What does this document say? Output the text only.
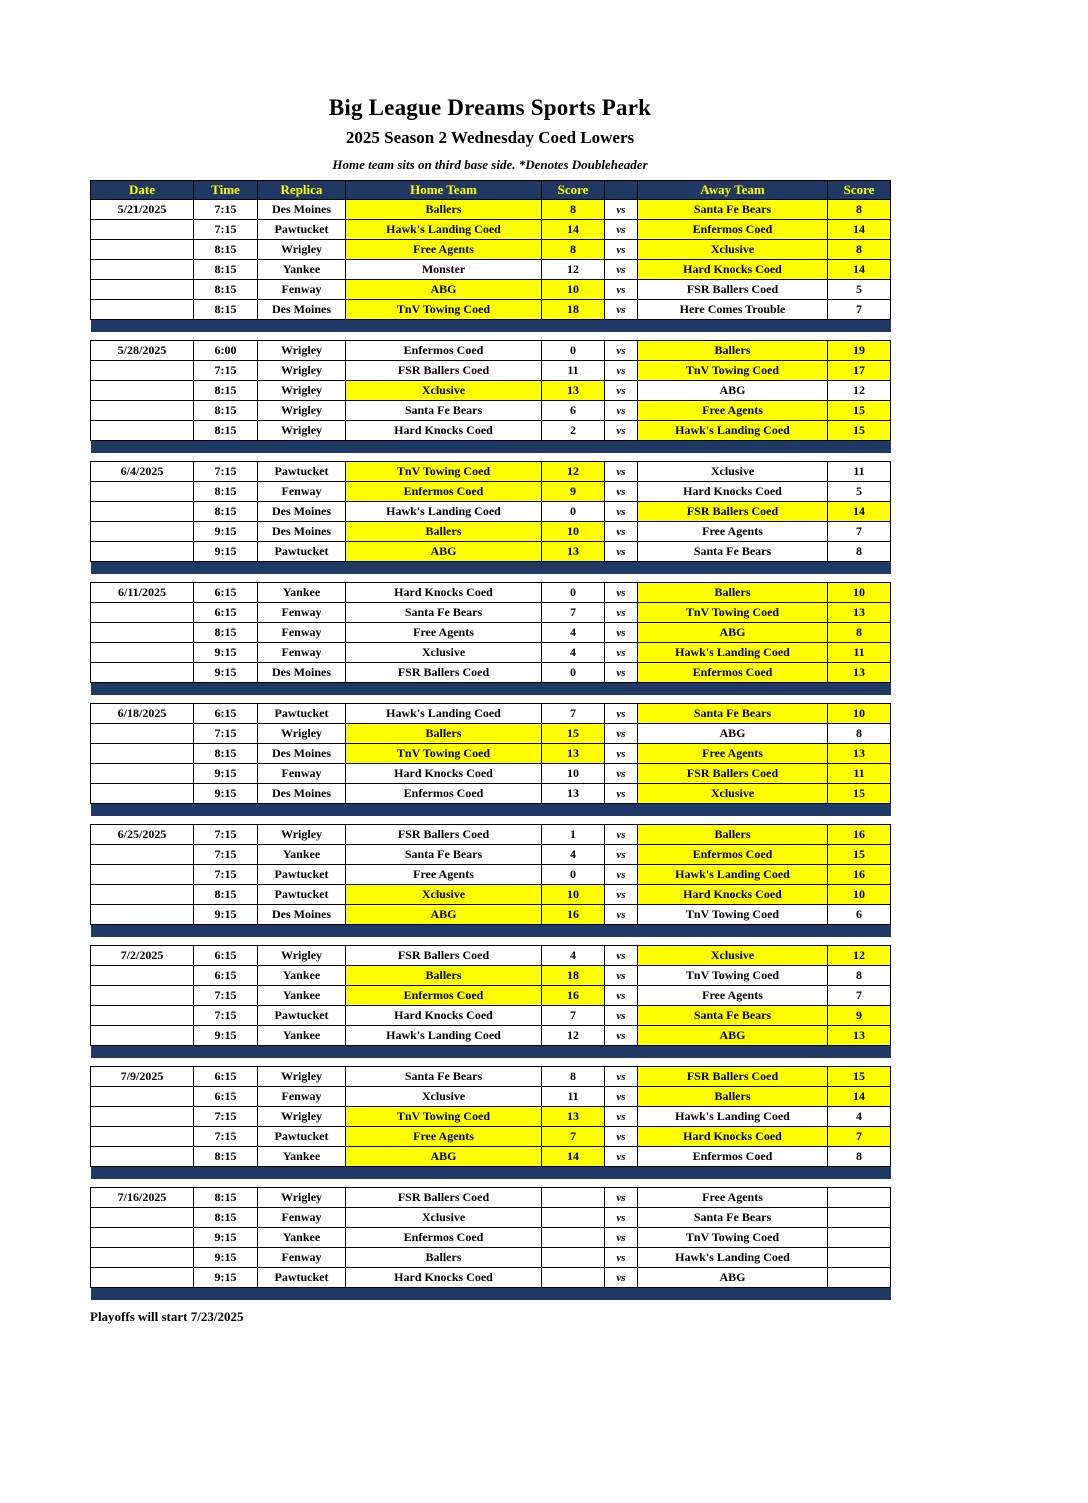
Big League Dreams Sports Park
2025 Season 2 Wednesday Coed Lowers
Home team sits on third base side. *Denotes Doubleheader
Date	Time	Replica	Home Team	Score		Away Team	Score
5/21/2025	7:15	Des Moines	Ballers	8	vs	Santa Fe Bears	8
	7:15	Pawtucket	Hawk's Landing Coed	14	vs	Enfermos Coed	14
	8:15	Wrigley	Free Agents	8	vs	Xclusive	8
	8:15	Yankee	Monster	12	vs	Hard Knocks Coed	14
	8:15	Fenway	ABG	10	vs	FSR Ballers Coed	5
	8:15	Des Moines	TnV Towing Coed	18	vs	Here Comes Trouble	7

5/28/2025	6:00	Wrigley	Enfermos Coed	0	vs	Ballers	19
	7:15	Wrigley	FSR Ballers Coed	11	vs	TnV Towing Coed	17
	8:15	Wrigley	Xclusive	13	vs	ABG	12
	8:15	Wrigley	Santa Fe Bears	6	vs	Free Agents	15
	8:15	Wrigley	Hard Knocks Coed	2	vs	Hawk's Landing Coed	15

6/4/2025	7:15	Pawtucket	TnV Towing Coed	12	vs	Xclusive	11
	8:15	Fenway	Enfermos Coed	9	vs	Hard Knocks Coed	5
	8:15	Des Moines	Hawk's Landing Coed	0	vs	FSR Ballers Coed	14
	9:15	Des Moines	Ballers	10	vs	Free Agents	7
	9:15	Pawtucket	ABG	13	vs	Santa Fe Bears	8

6/11/2025	6:15	Yankee	Hard Knocks Coed	0	vs	Ballers	10
	6:15	Fenway	Santa Fe Bears	7	vs	TnV Towing Coed	13
	8:15	Fenway	Free Agents	4	vs	ABG	8
	9:15	Fenway	Xclusive	4	vs	Hawk's Landing Coed	11
	9:15	Des Moines	FSR Ballers Coed	0	vs	Enfermos Coed	13

6/18/2025	6:15	Pawtucket	Hawk's Landing Coed	7	vs	Santa Fe Bears	10
	7:15	Wrigley	Ballers	15	vs	ABG	8
	8:15	Des Moines	TnV Towing Coed	13	vs	Free Agents	13
	9:15	Fenway	Hard Knocks Coed	10	vs	FSR Ballers Coed	11
	9:15	Des Moines	Enfermos Coed	13	vs	Xclusive	15

6/25/2025	7:15	Wrigley	FSR Ballers Coed	1	vs	Ballers	16
	7:15	Yankee	Santa Fe Bears	4	vs	Enfermos Coed	15
	7:15	Pawtucket	Free Agents	0	vs	Hawk's Landing Coed	16
	8:15	Pawtucket	Xclusive	10	vs	Hard Knocks Coed	10
	9:15	Des Moines	ABG	16	vs	TnV Towing Coed	6

7/2/2025	6:15	Wrigley	FSR Ballers Coed	4	vs	Xclusive	12
	6:15	Yankee	Ballers	18	vs	TnV Towing Coed	8
	7:15	Yankee	Enfermos Coed	16	vs	Free Agents	7
	7:15	Pawtucket	Hard Knocks Coed	7	vs	Santa Fe Bears	9
	9:15	Yankee	Hawk's Landing Coed	12	vs	ABG	13

7/9/2025	6:15	Wrigley	Santa Fe Bears	8	vs	FSR Ballers Coed	15
	6:15	Fenway	Xclusive	11	vs	Ballers	14
	7:15	Wrigley	TnV Towing Coed	13	vs	Hawk's Landing Coed	4
	7:15	Pawtucket	Free Agents	7	vs	Hard Knocks Coed	7
	8:15	Yankee	ABG	14	vs	Enfermos Coed	8

7/16/2025	8:15	Wrigley	FSR Ballers Coed		vs	Free Agents	
	8:15	Fenway	Xclusive		vs	Santa Fe Bears	
	9:15	Yankee	Enfermos Coed		vs	TnV Towing Coed	
	9:15	Fenway	Ballers		vs	Hawk's Landing Coed	
	9:15	Pawtucket	Hard Knocks Coed		vs	ABG	

Playoffs will start 7/23/2025
